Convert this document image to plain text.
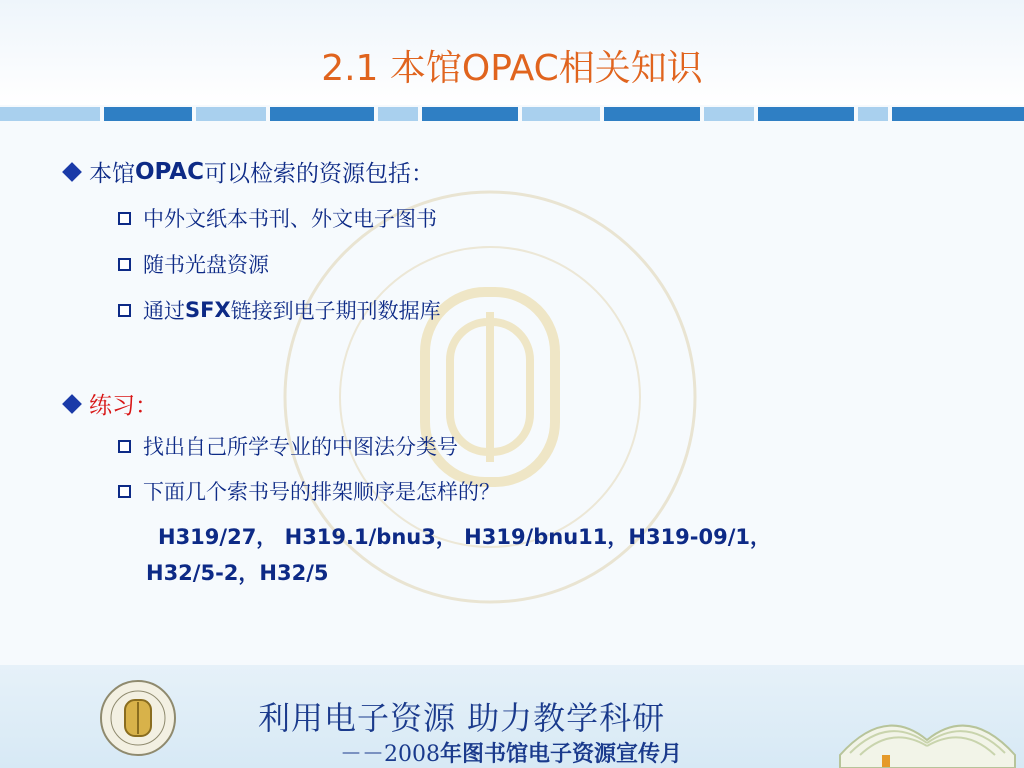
2.1 本馆OPAC相关知识
本馆 OPAC 可以检索的资源包括：
中外文纸本书刊、外文电子图书
随书光盘资源
通过 SFX 链接到电子期刊数据库
练习：
找出自己所学专业的中图法分类号
下面几个索书号的排架顺序是怎样的？
H319/27， H319.1/bnu3， H319/bnu11，H319-09/1，
H32/5-2，H32/5
利用电子资源 助力教学科研
－－2008年图书馆电子资源宣传月
